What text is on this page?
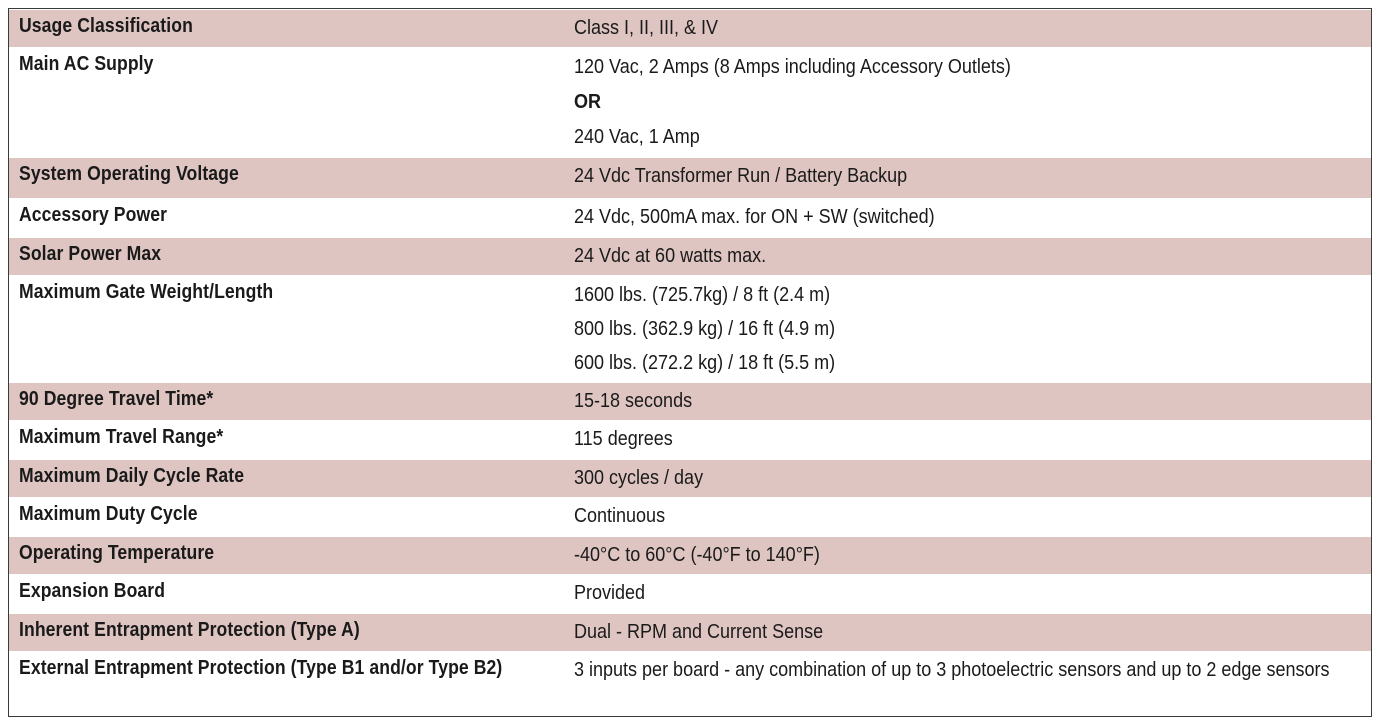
Usage Classification	Class I, II, III, & IV
Main AC Supply	120 Vac, 2 Amps (8 Amps including Accessory Outlets)
OR
240 Vac, 1 Amp
System Operating Voltage	24 Vdc Transformer Run / Battery Backup
Accessory Power	24 Vdc, 500mA max. for ON + SW (switched)
Solar Power Max	24 Vdc at 60 watts max.
Maximum Gate Weight/Length	1600 lbs. (725.7kg) / 8 ft (2.4 m)
800 lbs. (362.9 kg) / 16 ft (4.9 m)
600 lbs. (272.2 kg) / 18 ft (5.5 m)
90 Degree Travel Time*	15-18 seconds
Maximum Travel Range*	115 degrees
Maximum Daily Cycle Rate	300 cycles / day
Maximum Duty Cycle	Continuous
Operating Temperature	-40°C to 60°C (-40°F to 140°F)
Expansion Board	Provided
Inherent Entrapment Protection (Type A)	Dual - RPM and Current Sense
External Entrapment Protection (Type B1 and/or Type B2)	3 inputs per board - any combination of up to 3 photoelectric sensors and up to 2 edge sensors
